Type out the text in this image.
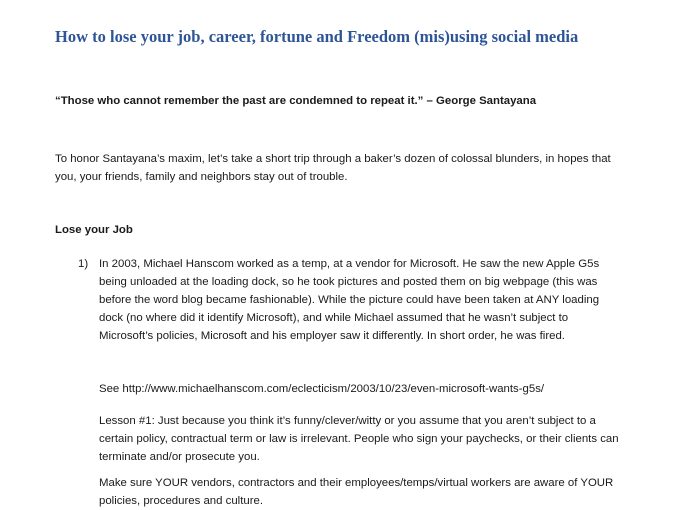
How to lose your job, career, fortune and Freedom (mis)using social media

“Those who cannot remember the past are condemned to repeat it.” – George Santayana

To honor Santayana’s maxim, let’s take a short trip through a baker’s dozen of colossal blunders, in hopes that you, your friends, family and neighbors stay out of trouble.

Lose your Job

1) In 2003, Michael Hanscom worked as a temp, at a vendor for Microsoft. He saw the new Apple G5s being unloaded at the loading dock, so he took pictures and posted them on big webpage (this was before the word blog became fashionable). While the picture could have been taken at ANY loading dock (no where did it identify Microsoft), and while Michael assumed that he wasn’t subject to Microsoft’s policies, Microsoft and his employer saw it differently. In short order, he was fired.

See http://www.michaelhanscom.com/eclecticism/2003/10/23/even-microsoft-wants-g5s/

Lesson #1: Just because you think it’s funny/clever/witty or you assume that you aren’t subject to a certain policy, contractual term or law is irrelevant. People who sign your paychecks, or their clients can terminate and/or prosecute you.

Make sure YOUR vendors, contractors and their employees/temps/virtual workers are aware of YOUR policies, procedures and culture.
